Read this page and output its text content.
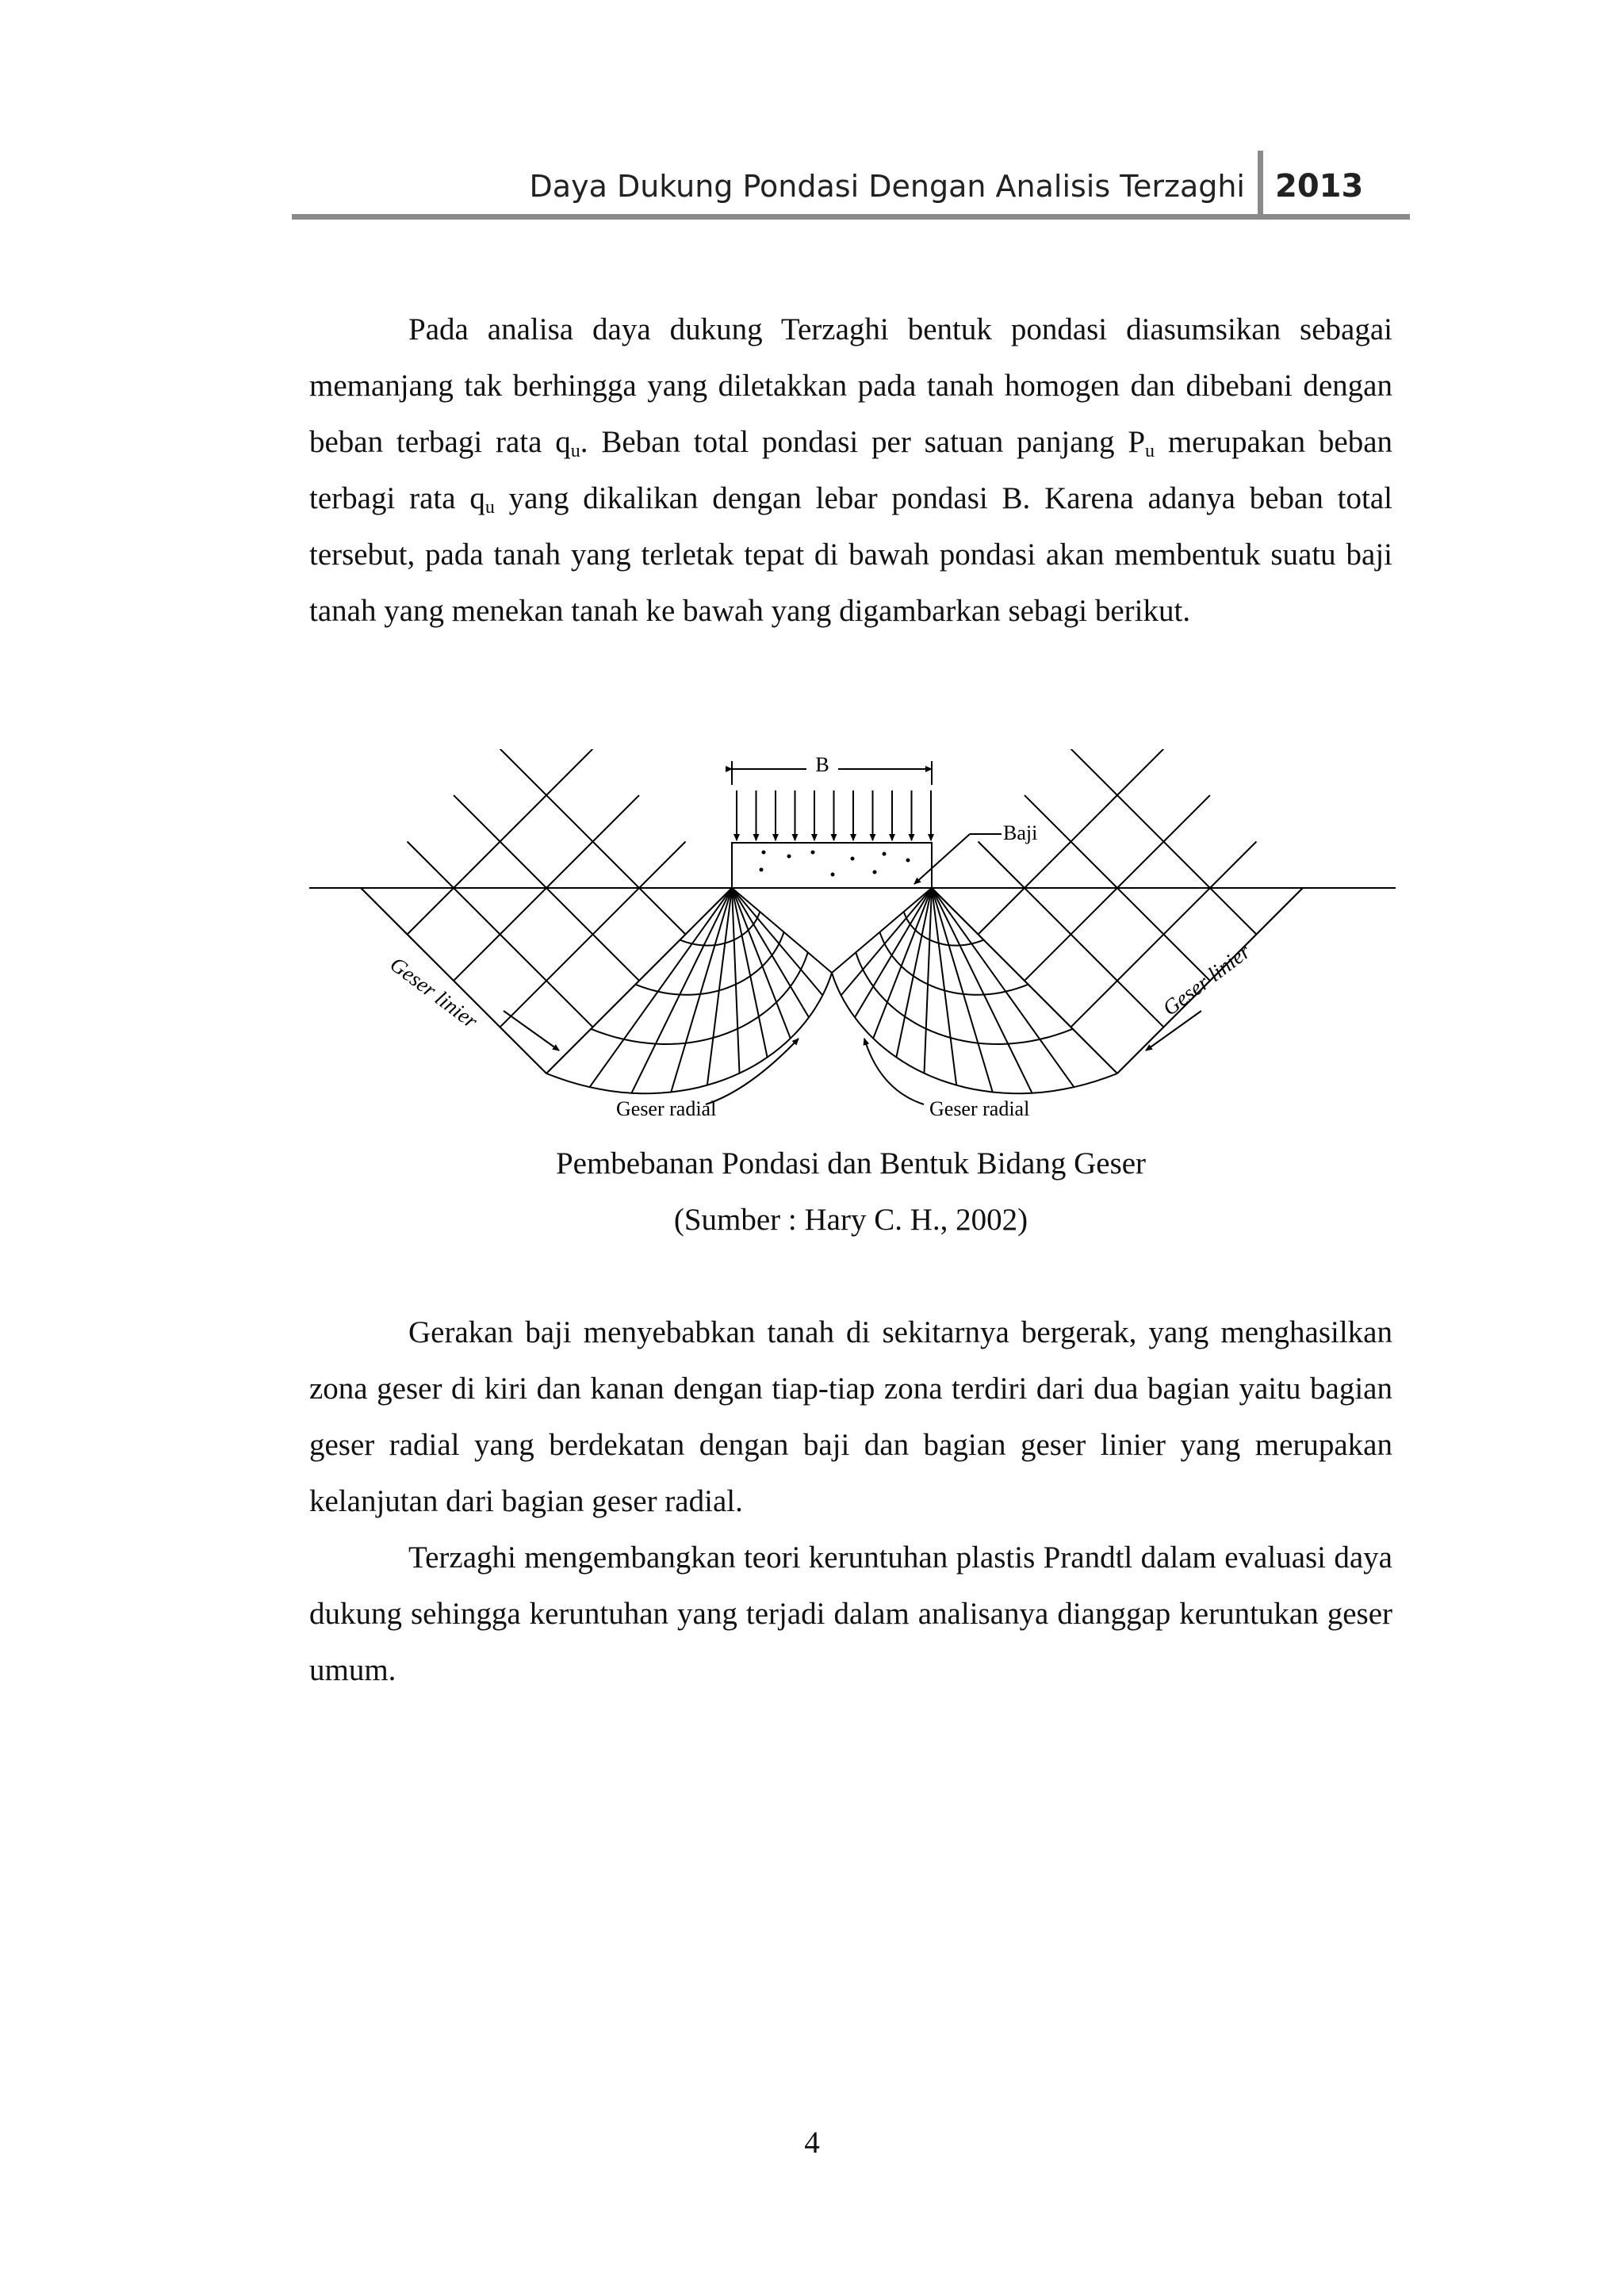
Daya Dukung Pondasi Dengan Analisis Terzaghi 2013

Pada analisa daya dukung Terzaghi bentuk pondasi diasumsikan sebagai memanjang tak berhingga yang diletakkan pada tanah homogen dan dibebani dengan beban terbagi rata $q_u$. Beban total pondasi per satuan panjang $P_u$ merupakan beban terbagi rata $q_u$ yang dikalikan dengan lebar pondasi B. Karena adanya beban total tersebut, pada tanah yang terletak tepat di bawah pondasi akan membentuk suatu baji tanah yang menekan tanah ke bawah yang digambarkan sebagi berikut.

B
Baji
Geser linier	Geser linier
Geser radial	Geser radial
Pembebanan Pondasi dan Bentuk Bidang Geser
(Sumber : Hary C. H., 2002)

Gerakan baji menyebabkan tanah di sekitarnya bergerak, yang menghasilkan zona geser di kiri dan kanan dengan tiap-tiap zona terdiri dari dua bagian yaitu bagian geser radial yang berdekatan dengan baji dan bagian geser linier yang merupakan kelanjutan dari bagian geser radial.

Terzaghi mengembangkan teori keruntuhan plastis Prandtl dalam evaluasi daya dukung sehingga keruntuhan yang terjadi dalam analisanya dianggap keruntukan geser umum.

4
